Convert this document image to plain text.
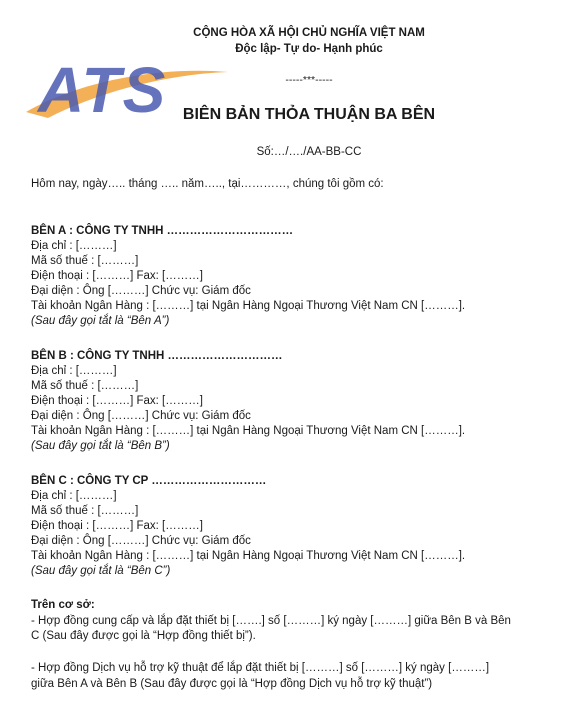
ATS
CỘNG HÒA XÃ HỘI CHỦ NGHĨA VIỆT NAM
Độc lập- Tự do- Hạnh phúc
-----***-----
BIÊN BẢN THỎA THUẬN BA BÊN
Số:…/…./AA-BB-CC
Hôm nay, ngày….. tháng ….. năm….., tại…………, chúng tôi gồm có:
BÊN A : CÔNG TY TNHH ……………………………
Địa chỉ : [………]
Mã số thuế : [………]
Điện thoại : [………] Fax: [………]
Đại diện : Ông [………] Chức vụ: Giám đốc
Tài khoản Ngân Hàng : [………] tại Ngân Hàng Ngoại Thương Việt Nam CN [………].
(Sau đây gọi tắt là “Bên A”)
BÊN B : CÔNG TY TNHH …………………………
Địa chỉ : [………]
Mã số thuế : [………]
Điện thoại : [………] Fax: [………]
Đại diện : Ông [………] Chức vụ: Giám đốc
Tài khoản Ngân Hàng : [………] tại Ngân Hàng Ngoại Thương Việt Nam CN [………].
(Sau đây gọi tắt là “Bên B”)
BÊN C : CÔNG TY CP …………………………
Địa chỉ : [………]
Mã số thuế : [………]
Điện thoại : [………] Fax: [………]
Đại diện : Ông [………] Chức vụ: Giám đốc
Tài khoản Ngân Hàng : [………] tại Ngân Hàng Ngoại Thương Việt Nam CN [………].
(Sau đây gọi tắt là “Bên C”)
Trên cơ sở:
- Hợp đồng cung cấp và lắp đặt thiết bị […….] số [………] ký ngày [………] giữa Bên B và Bên
C (Sau đây được gọi là “Hợp đồng thiết bị”).
- Hợp đồng Dịch vụ hỗ trợ kỹ thuật để lắp đặt thiết bị [………] số [………] ký ngày [………]
giữa Bên A và Bên B (Sau đây được gọi là “Hợp đồng Dịch vụ hỗ trợ kỹ thuật”)
